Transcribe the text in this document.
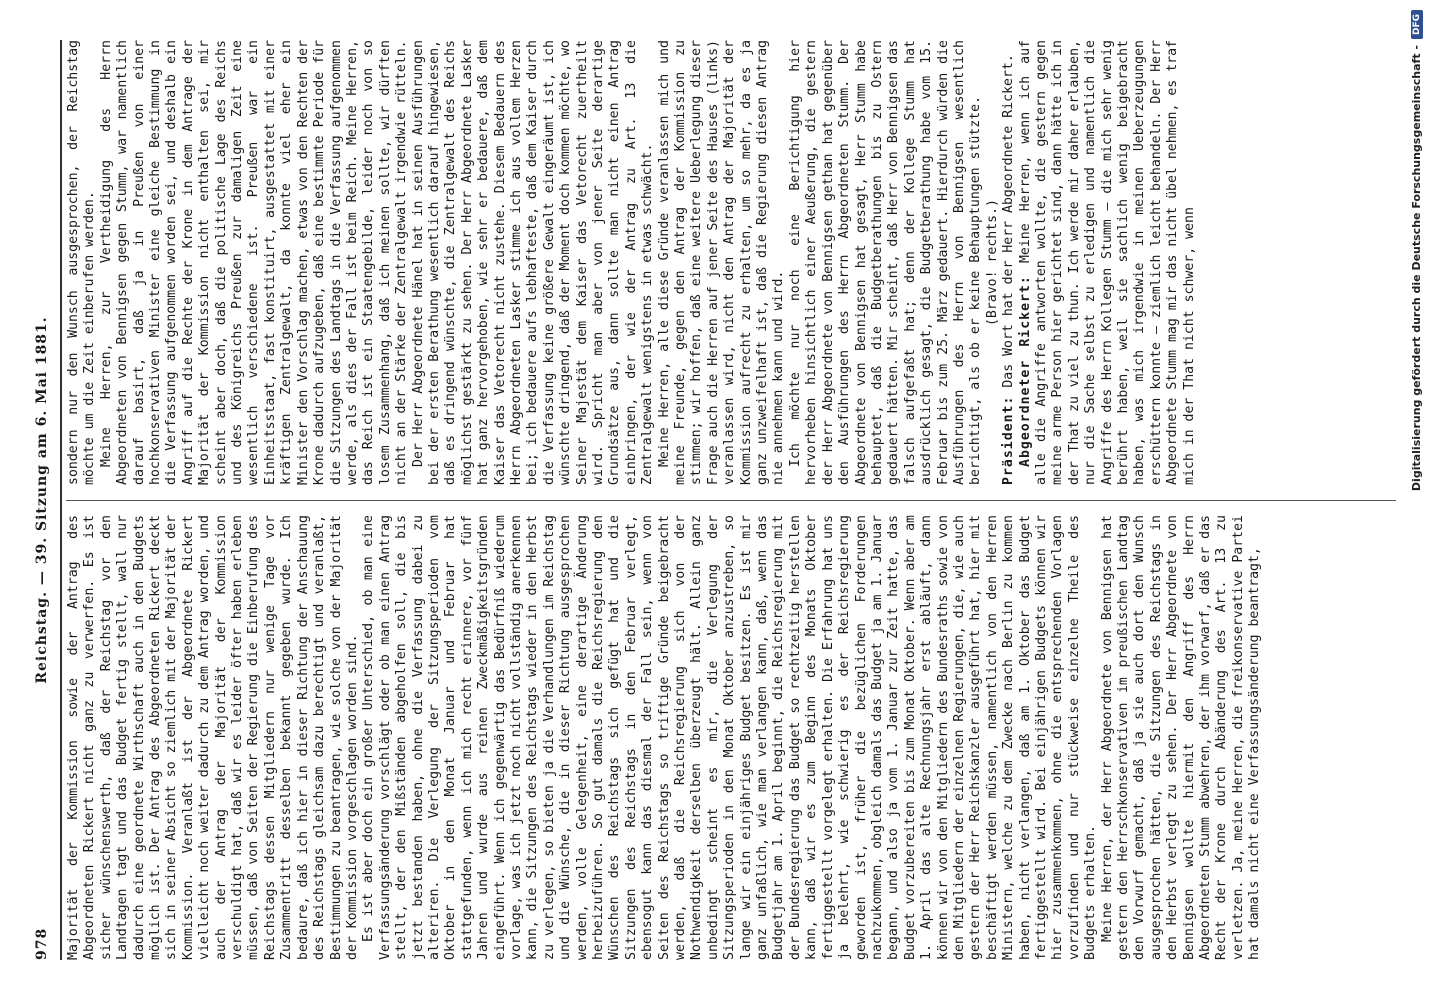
978
Reichstag. — 39. Sitzung am 6. Mai 1881.

Majorität der Kommission sowie der Antrag des Abgeordneten Rickert nicht ganz zu verwerfen. Es ist sicher wünschenswerth, daß der Reichstag vor den Landtagen tagt und das Budget fertig stellt, wall nur dadurch eine geordnete Wirthschaft auch in den Budgets möglich ist. Der Antrag des Abgeordneten Rickert deckt sich in seiner Absicht so ziemlich mit der Majorität der Kommission. Veranlaßt ist der Abgeordnete Rickert vielleicht noch weiter dadurch zu dem Antrag worden, und auch der Antrag der Majorität der Kommission verschuldigt hat, daß wir es leider öfter haben erleben müssen, daß von Seiten der Regierung die Einberufung des Reichstags dessen Mitgliedern nur wenige Tage vor Zusammentritt desselben bekannt gegeben wurde. Ich bedaure, daß ich hier in dieser Richtung der Anschauung des Reichstags gleichsam dazu berechtigt und veranlaßt, Bestimmungen zu beantragen, wie solche von der Majorität der Kommission vorgeschlagen worden sind. Es ist aber doch ein großer Unterschied, ob man eine Verfassungsänderung vorschlägt oder ob man einen Antrag stellt, der den Mißständen abgeholfen soll, die bis jetzt bestanden haben, ohne die Verfassung dabei zu alteriren. Die Verlegung der Sitzungsperioden vom Oktober in den Monat Januar und Februar hat stattgefunden, wenn ich mich recht erinnere, vor fünf Jahren und wurde aus reinen Zweckmäßigkeitsgründen eingeführt. Wenn ich gegenwärtig das Bedürfniß wiederum vorlage, was ich jetzt noch nicht vollständig anerkennen kann, die Sitzungen des Reichstags wieder in den Herbst zu verlegen, so bieten ja die Verhandlungen im Reichstag und die Wünsche, die in dieser Richtung ausgesprochen werden, volle Gelegenheit, eine derartige Änderung herbeizuführen. So gut damals die Reichsregierung den Wünschen des Reichstags sich gefügt hat und die Sitzungen des Reichstags in den Februar verlegt, ebensogut kann das diesmal der Fall sein, wenn von Seiten des Reichstags so triftige Gründe beigebracht werden, daß die Reichsregierung sich von der Nothwendigkeit derselben überzeugt hält. Allein ganz unbedingt scheint es mir, die Verlegung der Sitzungsperioden in den Monat Oktober anzustreben, so lange wir ein einjähriges Budget besitzen. Es ist mir ganz unfaßlich, wie man verlangen kann, daß, wenn das Budgetjahr am 1. April beginnt, die Reichsregierung mit der Bundesregierung das Budget so rechtzeitig herstellen kann, daß wir es zum Beginn des Monats Oktober fertiggestellt vorgelegt erhalten. Die Erfahrung hat uns ja belehrt, wie schwierig es der Reichsregierung geworden ist, früher die bezüglichen Forderungen nachzukommen, obgleich damals das Budget ja am 1. Januar begann, und also ja vom 1. Januar zur Zeit hatte, das Budget vorzubereiten bis zum Monat Oktober. Wenn aber am 1. April das alte Rechnungsjahr erst abläuft, dann können wir von den Mitgliedern des Bundesraths sowie von den Mitgliedern der einzelnen Regierungen, die, wie auch gestern der Herr Reichskanzler ausgeführt hat, hier mit beschäftigt werden müssen, namentlich von den Herren Ministern, welche zu dem Zwecke nach Berlin zu kommen haben, nicht verlangen, daß am 1. Oktober das Budget fertiggestellt wird. Bei einjährigen Budgets können wir hier zusammenkommen, ohne die entsprechenden Vorlagen vorzufinden und nur stückweise einzelne Theile des Budgets erhalten. Meine Herren, der Herr Abgeordnete von Bennigsen hat gestern den Herrschkonservativen im preußischen Landtag den Vorwurf gemacht, daß ja sie auch dort den Wunsch ausgesprochen hätten, die Sitzungen des Reichstags in den Herbst verlegt zu sehen. Der Herr Abgeordnete von Bennigsen wollte hiermit den Angriff des Herrn Abgeordneten Stumm abwehren, der ihm vorwarf, daß er das Recht der Krone durch Abänderung des Art. 13 zu verletzen. Ja, meine Herren, die freikonservative Partei hat damals nicht eine Verfassungsänderung beantragt,

sondern nur den Wunsch ausgesprochen, der Reichstag möchte um die Zeit einberufen werden. Meine Herren, zur Vertheidigung des Herrn Abgeordneten von Bennigsen gegen Stumm, war namentlich darauf basirt, daß ja in Preußen von einer hochkonservativen Minister eine gleiche Bestimmung in die Verfassung aufgenommen worden sei, und deshalb ein Angriff auf die Rechte der Krone in dem Antrage der Majorität der Kommission nicht enthalten sei, mir scheint aber doch, daß die politische Lage des Reichs und des Königreichs Preußen zur damaligen Zeit eine wesentlich verschiedene ist. Preußen war ein Einheitsstaat, fast konstituirt, ausgestattet mit einer kräftigen Zentralgewalt, da konnte viel eher ein Minister den Vorschlag machen, etwas von den Rechten der Krone dadurch aufzugeben, daß eine bestimmte Periode für die Sitzungen des Landtags in die Verfassung aufgenommen werde, als dies der Fall ist beim Reich. Meine Herren, das Reich ist ein Staatengebilde, leider noch von so losem Zusammenhang, daß ich meinen sollte, wir dürften nicht an der Stärke der Zentralgewalt irgendwie rütteln. Der Herr Abgeordnete Hänel hat in seinen Ausführungen bei der ersten Berathung wesentlich darauf hingewiesen, daß es dringend wünschte, die Zentralgewalt des Reichs möglichst gestärkt zu sehen. Der Herr Abgeordnete Lasker hat ganz hervorgehoben, wie sehr er bedauere, daß dem Kaiser das Vetorecht nicht zustehe. Diesem Bedauern des Herrn Abgeordneten Lasker stimme ich aus vollem Herzen bei; ich bedauere aufs lebhafteste, daß dem Kaiser durch die Verfassung keine größere Gewalt eingeräumt ist, ich wünschte dringend, daß der Moment doch kommen möchte, wo Seiner Majestät dem Kaiser das Vetorecht zuertheilt wird. Spricht man aber von jener Seite derartige Grundsätze aus, dann sollte man nicht einen Antrag einbringen, der wie der Antrag zu Art. 13 die Zentralgewalt wenigstens in etwas schwächt. Meine Herren, alle diese Gründe veranlassen mich und meine Freunde, gegen den Antrag der Kommission zu stimmen; wir hoffen, daß eine weitere Ueberlegung dieser Frage auch die Herren auf jener Seite des Hauses (links) veranlassen wird, nicht den Antrag der Majorität der Kommission aufrecht zu erhalten, um so mehr, da es ja ganz unzweifelhaft ist, daß die Regierung diesen Antrag nie annehmen kann und wird. Ich möchte nur noch eine Berichtigung hier hervorheben hinsichtlich einer Aeußerung, die gestern der Herr Abgeordnete von Bennigsen gethan hat gegenüber den Ausführungen des Herrn Abgeordneten Stumm. Der Abgeordnete von Bennigsen hat gesagt, Herr Stumm habe behauptet, daß die Budgetberathungen bis zu Ostern gedauert hätten. Mir scheint, daß Herr von Bennigsen das falsch aufgefaßt hat; denn der Kollege Stumm hat ausdrücklich gesagt, die Budgetberathung habe vom 15. Februar bis zum 25. März gedauert. Hierdurch würden die Ausführungen des Herrn von Bennigsen wesentlich berichtigt, als ob er keine Behauptungen stützte. (Bravo! rechts.)

Präsident: Das Wort hat der Herr Abgeordnete Rickert. Abgeordneter Rickert: Meine Herren, wenn ich auf alle die Angriffe antworten wollte, die gestern gegen meine arme Person hier gerichtet sind, dann hätte ich in der That zu viel zu thun. Ich werde mir daher erlauben, nur die Sache selbst zu erledigen und namentlich die Angriffe des Herrn Kollegen Stumm — die mich sehr wenig berührt haben, weil sie sachlich wenig beigebracht haben, was mich irgendwie in meinen Ueberzeugungen erschüttern konnte — ziemlich leicht behandeln. Der Herr Abgeordnete Stumm mag mir das nicht übel nehmen, es traf mich in der That nicht schwer, wenn	Digitalisierung gefördert durch die Deutsche Forschungsgemeinschaft -DFG
